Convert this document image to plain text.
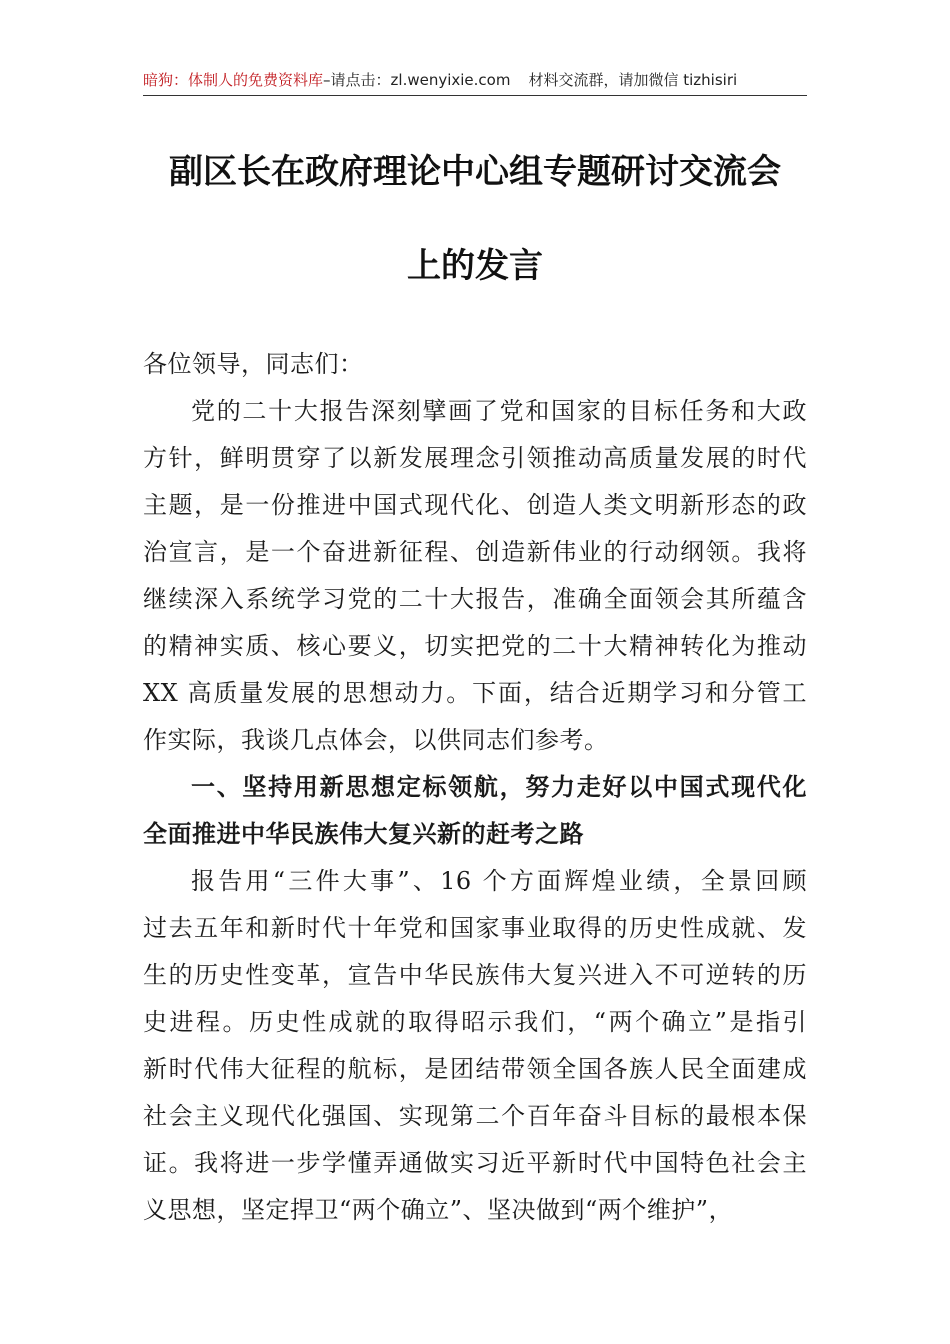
暗狗：体制人的免费资料库–请点击：zl.wenyixie.com 材料交流群，请加微信 tizhisiri
副区长在政府理论中心组专题研讨交流会
上的发言
各位领导，同志们：
党的二十大报告深刻擘画了党和国家的目标任务和大政
方针，鲜明贯穿了以新发展理念引领推动高质量发展的时代
主题，是一份推进中国式现代化、创造人类文明新形态的政
治宣言，是一个奋进新征程、创造新伟业的行动纲领。我将
继续深入系统学习党的二十大报告，准确全面领会其所蕴含
的精神实质、核心要义，切实把党的二十大精神转化为推动
XX 高质量发展的思想动力。下面，结合近期学习和分管工
作实际，我谈几点体会，以供同志们参考。
一、坚持用新思想定标领航，努力走好以中国式现代化
全面推进中华民族伟大复兴新的赶考之路
报告用“三件大事”、16 个方面辉煌业绩，全景回顾
过去五年和新时代十年党和国家事业取得的历史性成就、发
生的历史性变革，宣告中华民族伟大复兴进入不可逆转的历
史进程。历史性成就的取得昭示我们，“两个确立”是指引
新时代伟大征程的航标，是团结带领全国各族人民全面建成
社会主义现代化强国、实现第二个百年奋斗目标的最根本保
证。我将进一步学懂弄通做实习近平新时代中国特色社会主
义思想，坚定捍卫“两个确立”、坚决做到“两个维护”，
